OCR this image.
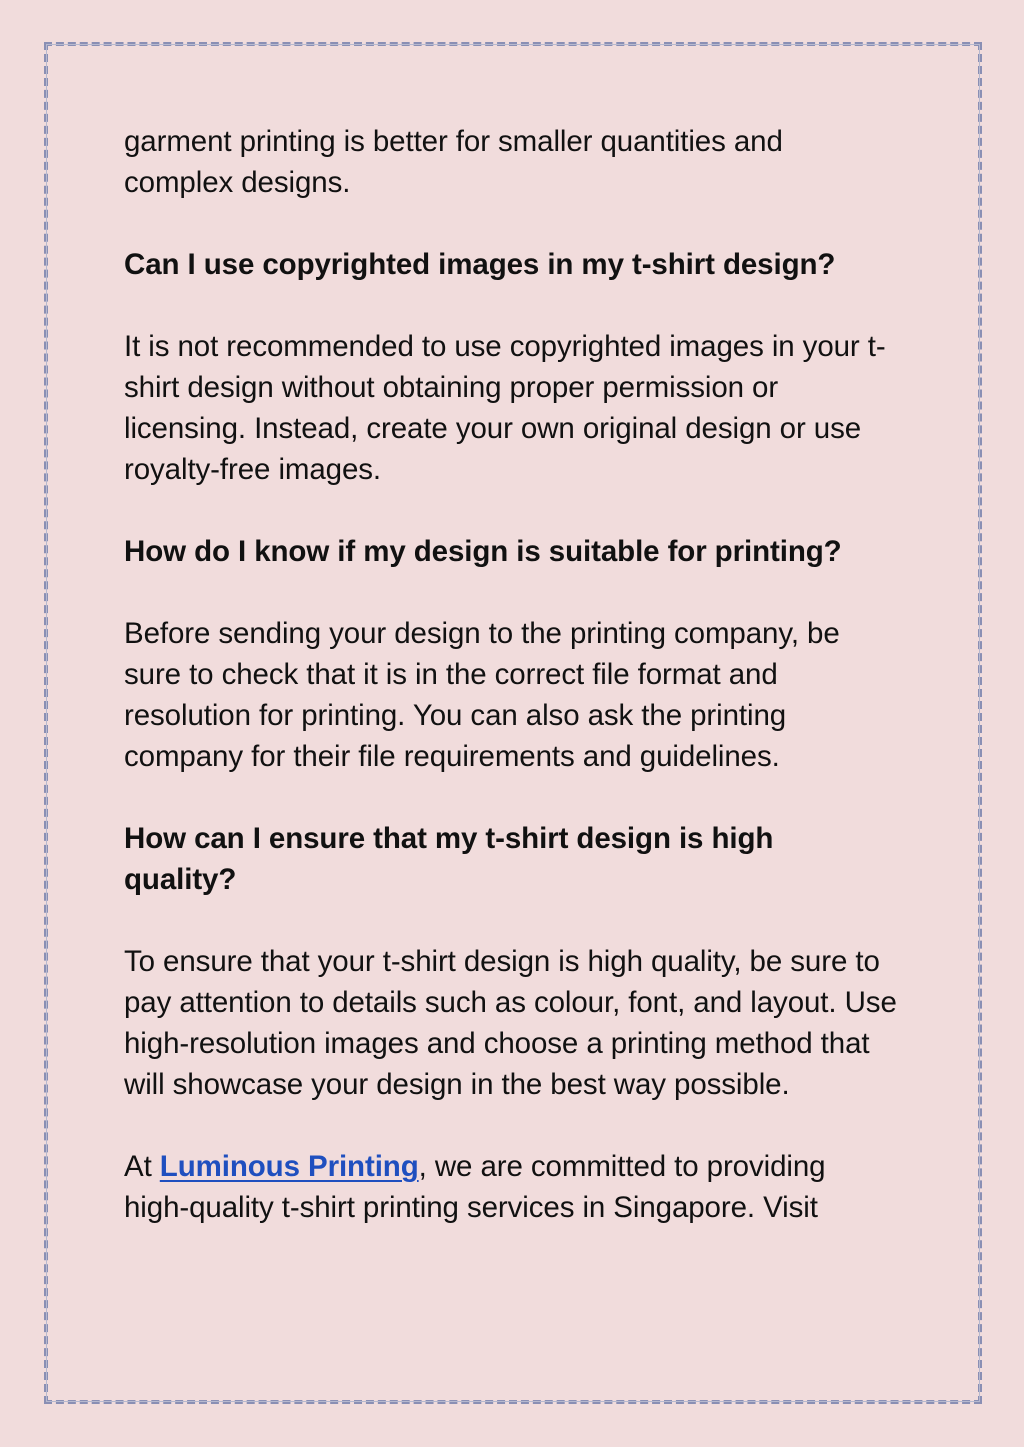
garment printing is better for smaller quantities and complex designs.

Can I use copyrighted images in my t-shirt design?

It is not recommended to use copyrighted images in your t-shirt design without obtaining proper permission or licensing. Instead, create your own original design or use royalty-free images.

How do I know if my design is suitable for printing?

Before sending your design to the printing company, be sure to check that it is in the correct file format and resolution for printing. You can also ask the printing company for their file requirements and guidelines.

How can I ensure that my t-shirt design is high quality?

To ensure that your t-shirt design is high quality, be sure to pay attention to details such as colour, font, and layout. Use high-resolution images and choose a printing method that will showcase your design in the best way possible.

At Luminous Printing, we are committed to providing high-quality t-shirt printing services in Singapore. Visit
